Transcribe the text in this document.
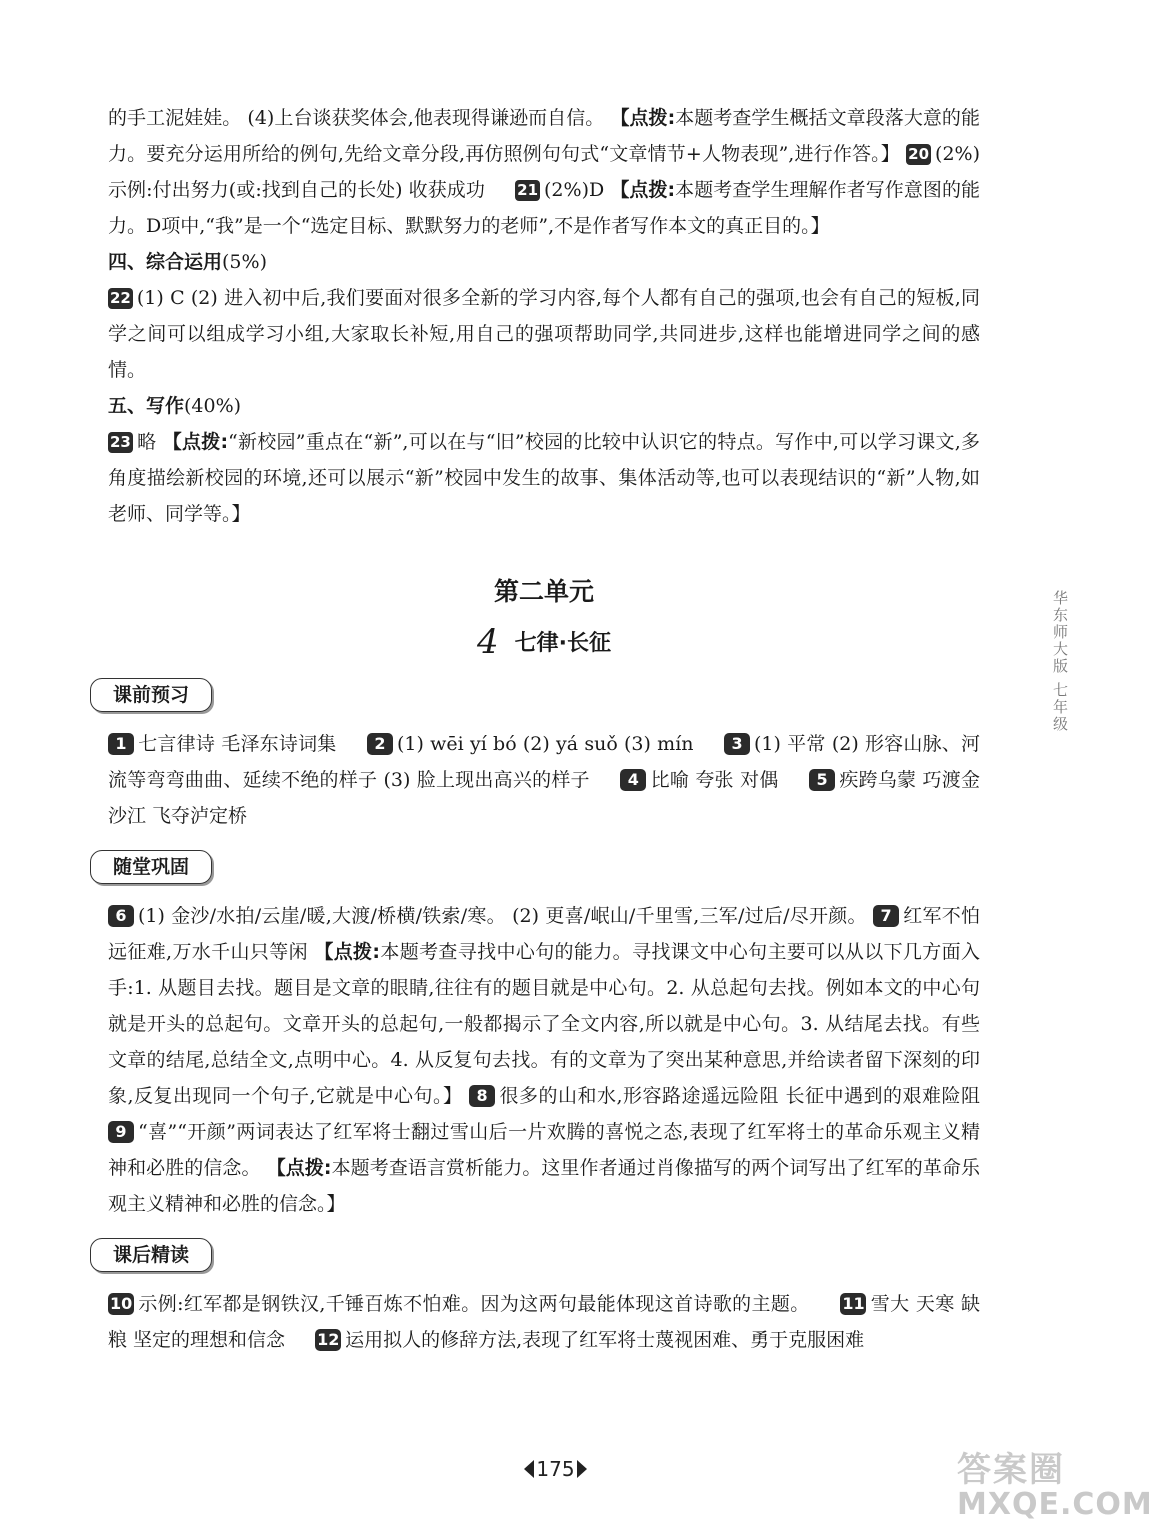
的手工泥娃娃。 (4)上台谈获奖体会,他表现得谦逊而自信。 【点拨:本题考查学生概括文章段落大意的能力。要充分运用所给的例句,先给文章分段,再仿照例句句式“文章情节+人物表现”,进行作答。】 20 (2%)示例:付出努力(或:找到自己的长处) 收获成功 21 (2%)D 【点拨:本题考查学生理解作者写作意图的能力。D项中,“我”是一个“选定目标、默默努力的老师”,不是作者写作本文的真正目的。】

四、综合运用(5%)

22 (1) C (2) 进入初中后,我们要面对很多全新的学习内容,每个人都有自己的强项,也会有自己的短板,同学之间可以组成学习小组,大家取长补短,用自己的强项帮助同学,共同进步,这样也能增进同学之间的感情。

五、写作(40%)

23 略 【点拨:“新校园”重点在“新”,可以在与“旧”校园的比较中认识它的特点。写作中,可以学习课文,多角度描绘新校园的环境,还可以展示“新”校园中发生的故事、集体活动等,也可以表现结识的“新”人物,如老师、同学等。】

第二单元
4 七律·长征
课前预习

1 七言律诗 毛泽东诗词集 2 (1) wēi yí bó (2) yá suǒ (3) mín 3 (1) 平常 (2) 形容山脉、河流等弯弯曲曲、延续不绝的样子 (3) 脸上现出高兴的样子 4 比喻 夸张 对偶 5 疾跨乌蒙 巧渡金沙江 飞夺泸定桥

随堂巩固

6 (1) 金沙/水拍/云崖/暖,大渡/桥横/铁索/寒。 (2) 更喜/岷山/千里雪,三军/过后/尽开颜。 7 红军不怕远征难,万水千山只等闲 【点拨:本题考查寻找中心句的能力。寻找课文中心句主要可以从以下几方面入手:1. 从题目去找。题目是文章的眼睛,往往有的题目就是中心句。2. 从总起句去找。例如本文的中心句就是开头的总起句。文章开头的总起句,一般都揭示了全文内容,所以就是中心句。3. 从结尾去找。有些文章的结尾,总结全文,点明中心。4. 从反复句去找。有的文章为了突出某种意思,并给读者留下深刻的印象,反复出现同一个句子,它就是中心句。】 8 很多的山和水,形容路途遥远险阻 长征中遇到的艰难险阻 9 “喜”“开颜”两词表达了红军将士翻过雪山后一片欢腾的喜悦之态,表现了红军将士的革命乐观主义精神和必胜的信念。 【点拨:本题考查语言赏析能力。这里作者通过肖像描写的两个词写出了红军的革命乐观主义精神和必胜的信念。】

课后精读

10 示例:红军都是钢铁汉,千锤百炼不怕难。因为这两句最能体现这首诗歌的主题。 11 雪大 天寒 缺粮 坚定的理想和信念 12 运用拟人的修辞方法,表现了红军将士蔑视困难、勇于克服困难

华东师大版 七年级
175	答案圈
MXQE.COM
